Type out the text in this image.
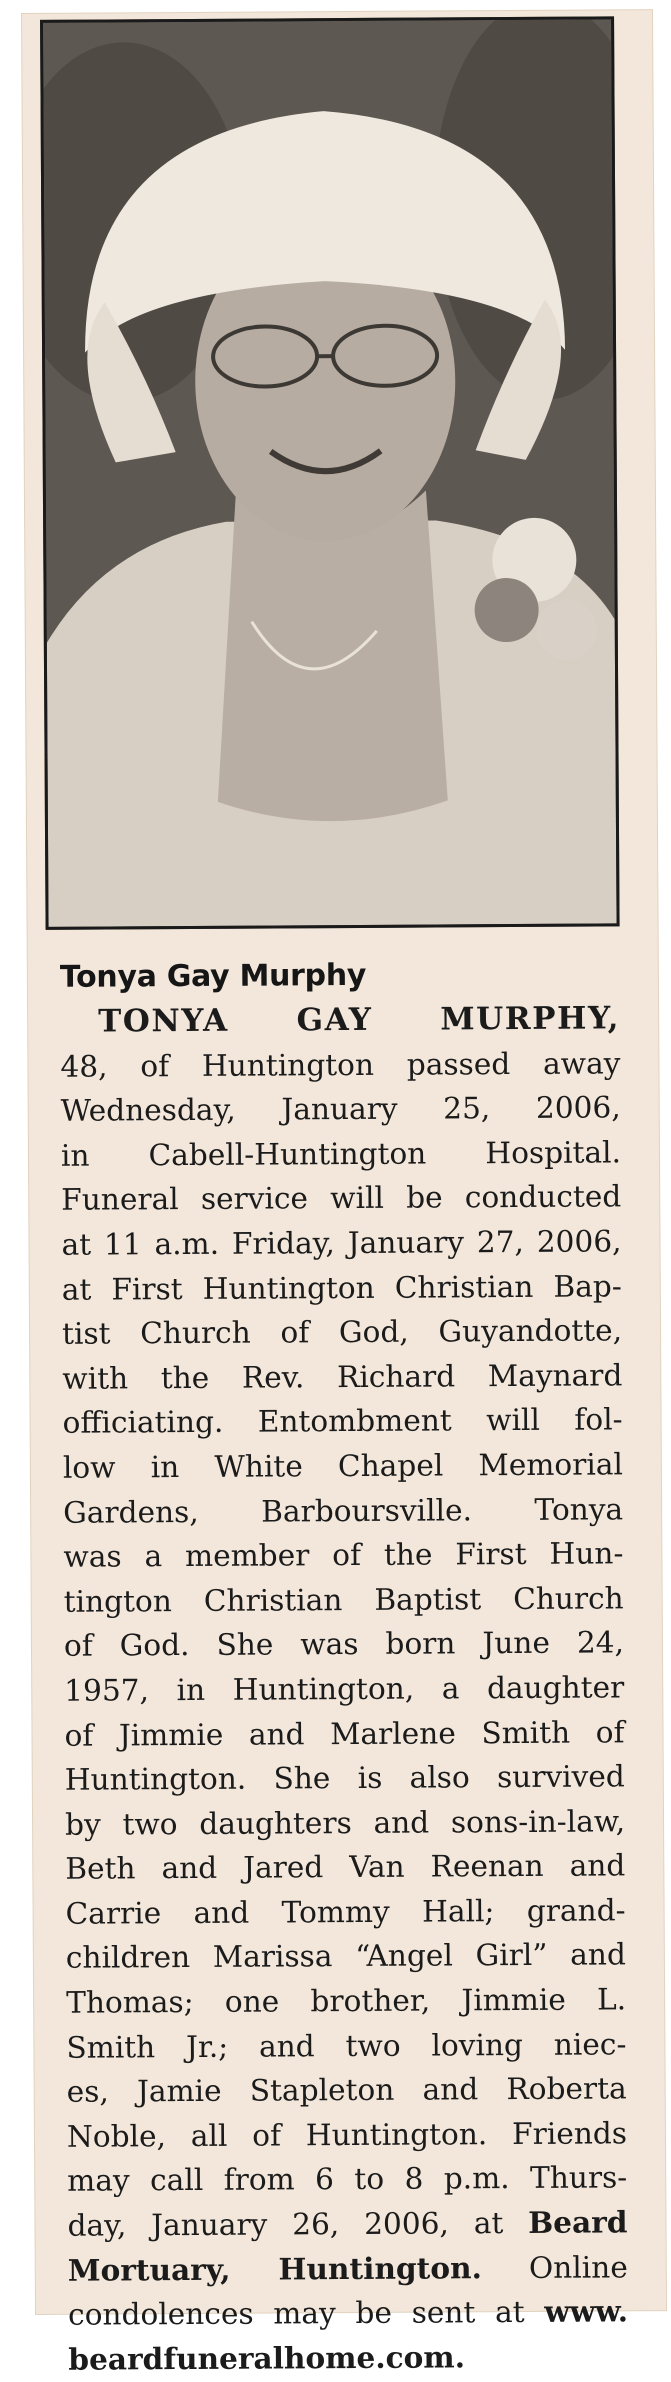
Tonya Gay Murphy
TONYA GAY MURPHY,
48, of Huntington passed away
Wednesday, January 25, 2006,
in Cabell-Huntington Hospital.
Funeral service will be conducted
at 11 a.m. Friday, January 27, 2006,
at First Huntington Christian Bap-
tist Church of God, Guyandotte,
with the Rev. Richard Maynard
officiating. Entombment will fol-
low in White Chapel Memorial
Gardens, Barboursville. Tonya
was a member of the First Hun-
tington Christian Baptist Church
of God. She was born June 24,
1957, in Huntington, a daughter
of Jimmie and Marlene Smith of
Huntington. She is also survived
by two daughters and sons-in-law,
Beth and Jared Van Reenan and
Carrie and Tommy Hall; grand-
children Marissa “Angel Girl” and
Thomas; one brother, Jimmie L.
Smith Jr.; and two loving niec-
es, Jamie Stapleton and Roberta
Noble, all of Huntington. Friends
may call from 6 to 8 p.m. Thurs-
day, January 26, 2006, at Beard
Mortuary, Huntington. Online
condolences may be sent at www.
beardfuneralhome.com.
